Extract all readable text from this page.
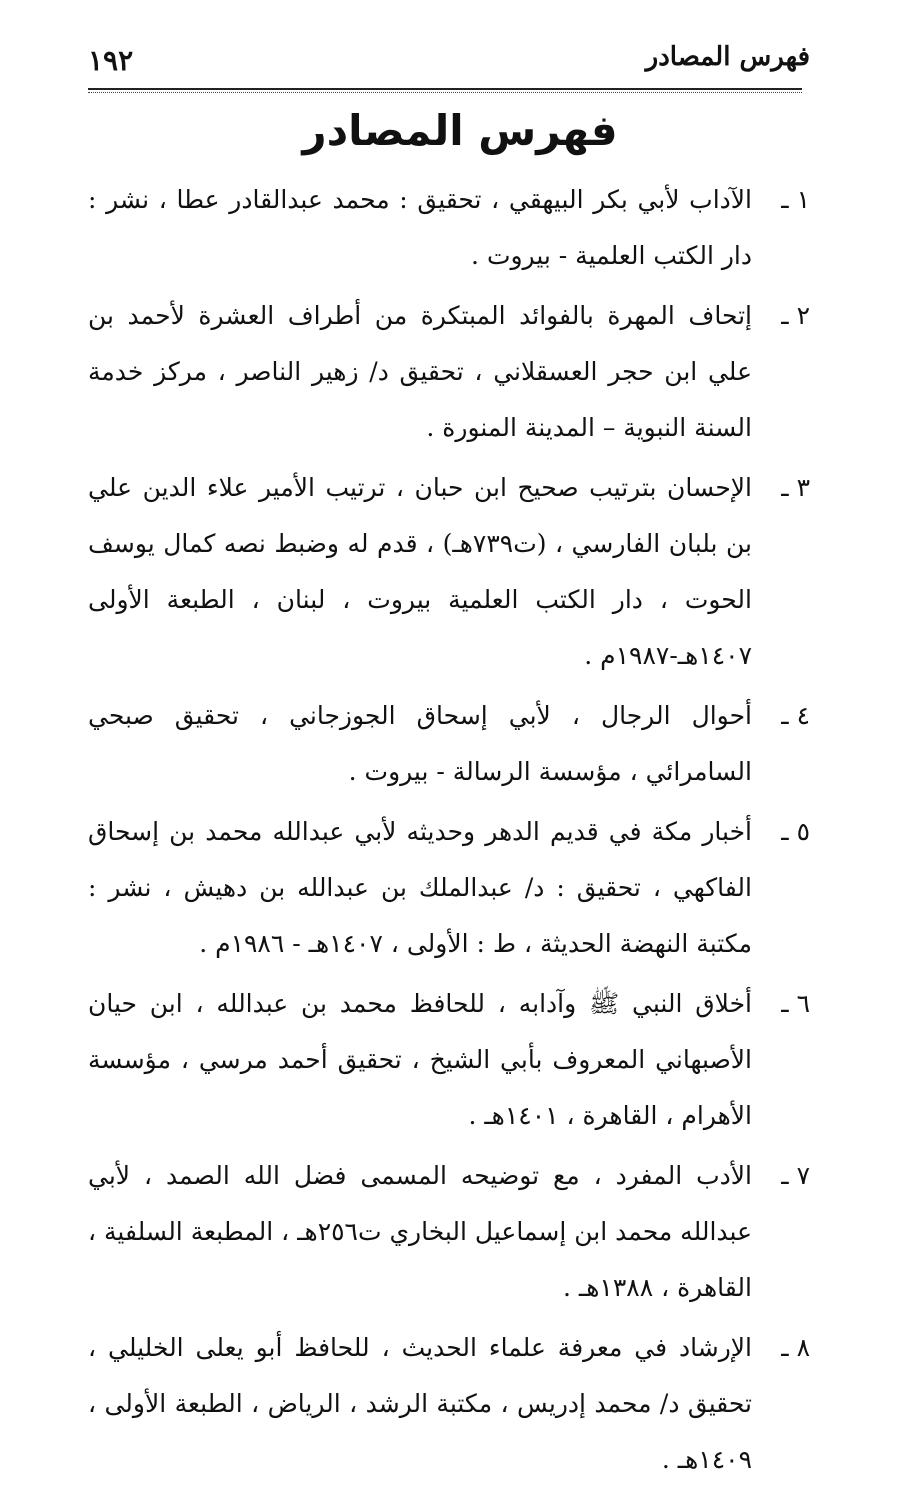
فهرس المصادر
١٩٢
فهرس المصادر
١ ـ
الآداب لأبي بكر البيهقي ، تحقيق : محمد عبدالقادر عطا ، نشر : دار الكتب العلمية - بيروت .
٢ ـ
إتحاف المهرة بالفوائد المبتكرة من أطراف العشرة لأحمد بن علي ابن حجر العسقلاني ، تحقيق د/ زهير الناصر ، مركز خدمة السنة النبوية – المدينة المنورة .
٣ ـ
الإحسان بترتيب صحيح ابن حبان ، ترتيب الأمير علاء الدين علي بن بلبان الفارسي ، (ت٧٣٩هـ) ، قدم له وضبط نصه كمال يوسف الحوت ، دار الكتب العلمية بيروت ، لبنان ، الطبعة الأولى ١٤٠٧هـ-١٩٨٧م .
٤ ـ
أحوال الرجال ، لأبي إسحاق الجوزجاني ، تحقيق صبحي السامرائي ، مؤسسة الرسالة - بيروت .
٥ ـ
أخبار مكة في قديم الدهر وحديثه لأبي عبدالله محمد بن إسحاق الفاكهي ، تحقيق : د/ عبدالملك بن عبدالله بن دهيش ، نشر : مكتبة النهضة الحديثة ، ط : الأولى ، ١٤٠٧هـ - ١٩٨٦م .
٦ ـ
أخلاق النبي ﷺ وآدابه ، للحافظ محمد بن عبدالله ، ابن حيان الأصبهاني المعروف بأبي الشيخ ، تحقيق أحمد مرسي ، مؤسسة الأهرام ، القاهرة ، ١٤٠١هـ .
٧ ـ
الأدب المفرد ، مع توضيحه المسمى فضل الله الصمد ، لأبي عبدالله محمد ابن إسماعيل البخاري ت٢٥٦هـ ، المطبعة السلفية ، القاهرة ، ١٣٨٨هـ .
٨ ـ
الإرشاد في معرفة علماء الحديث ، للحافظ أبو يعلى الخليلي ، تحقيق د/ محمد إدريس ، مكتبة الرشد ، الرياض ، الطبعة الأولى ، ١٤٠٩هـ .
